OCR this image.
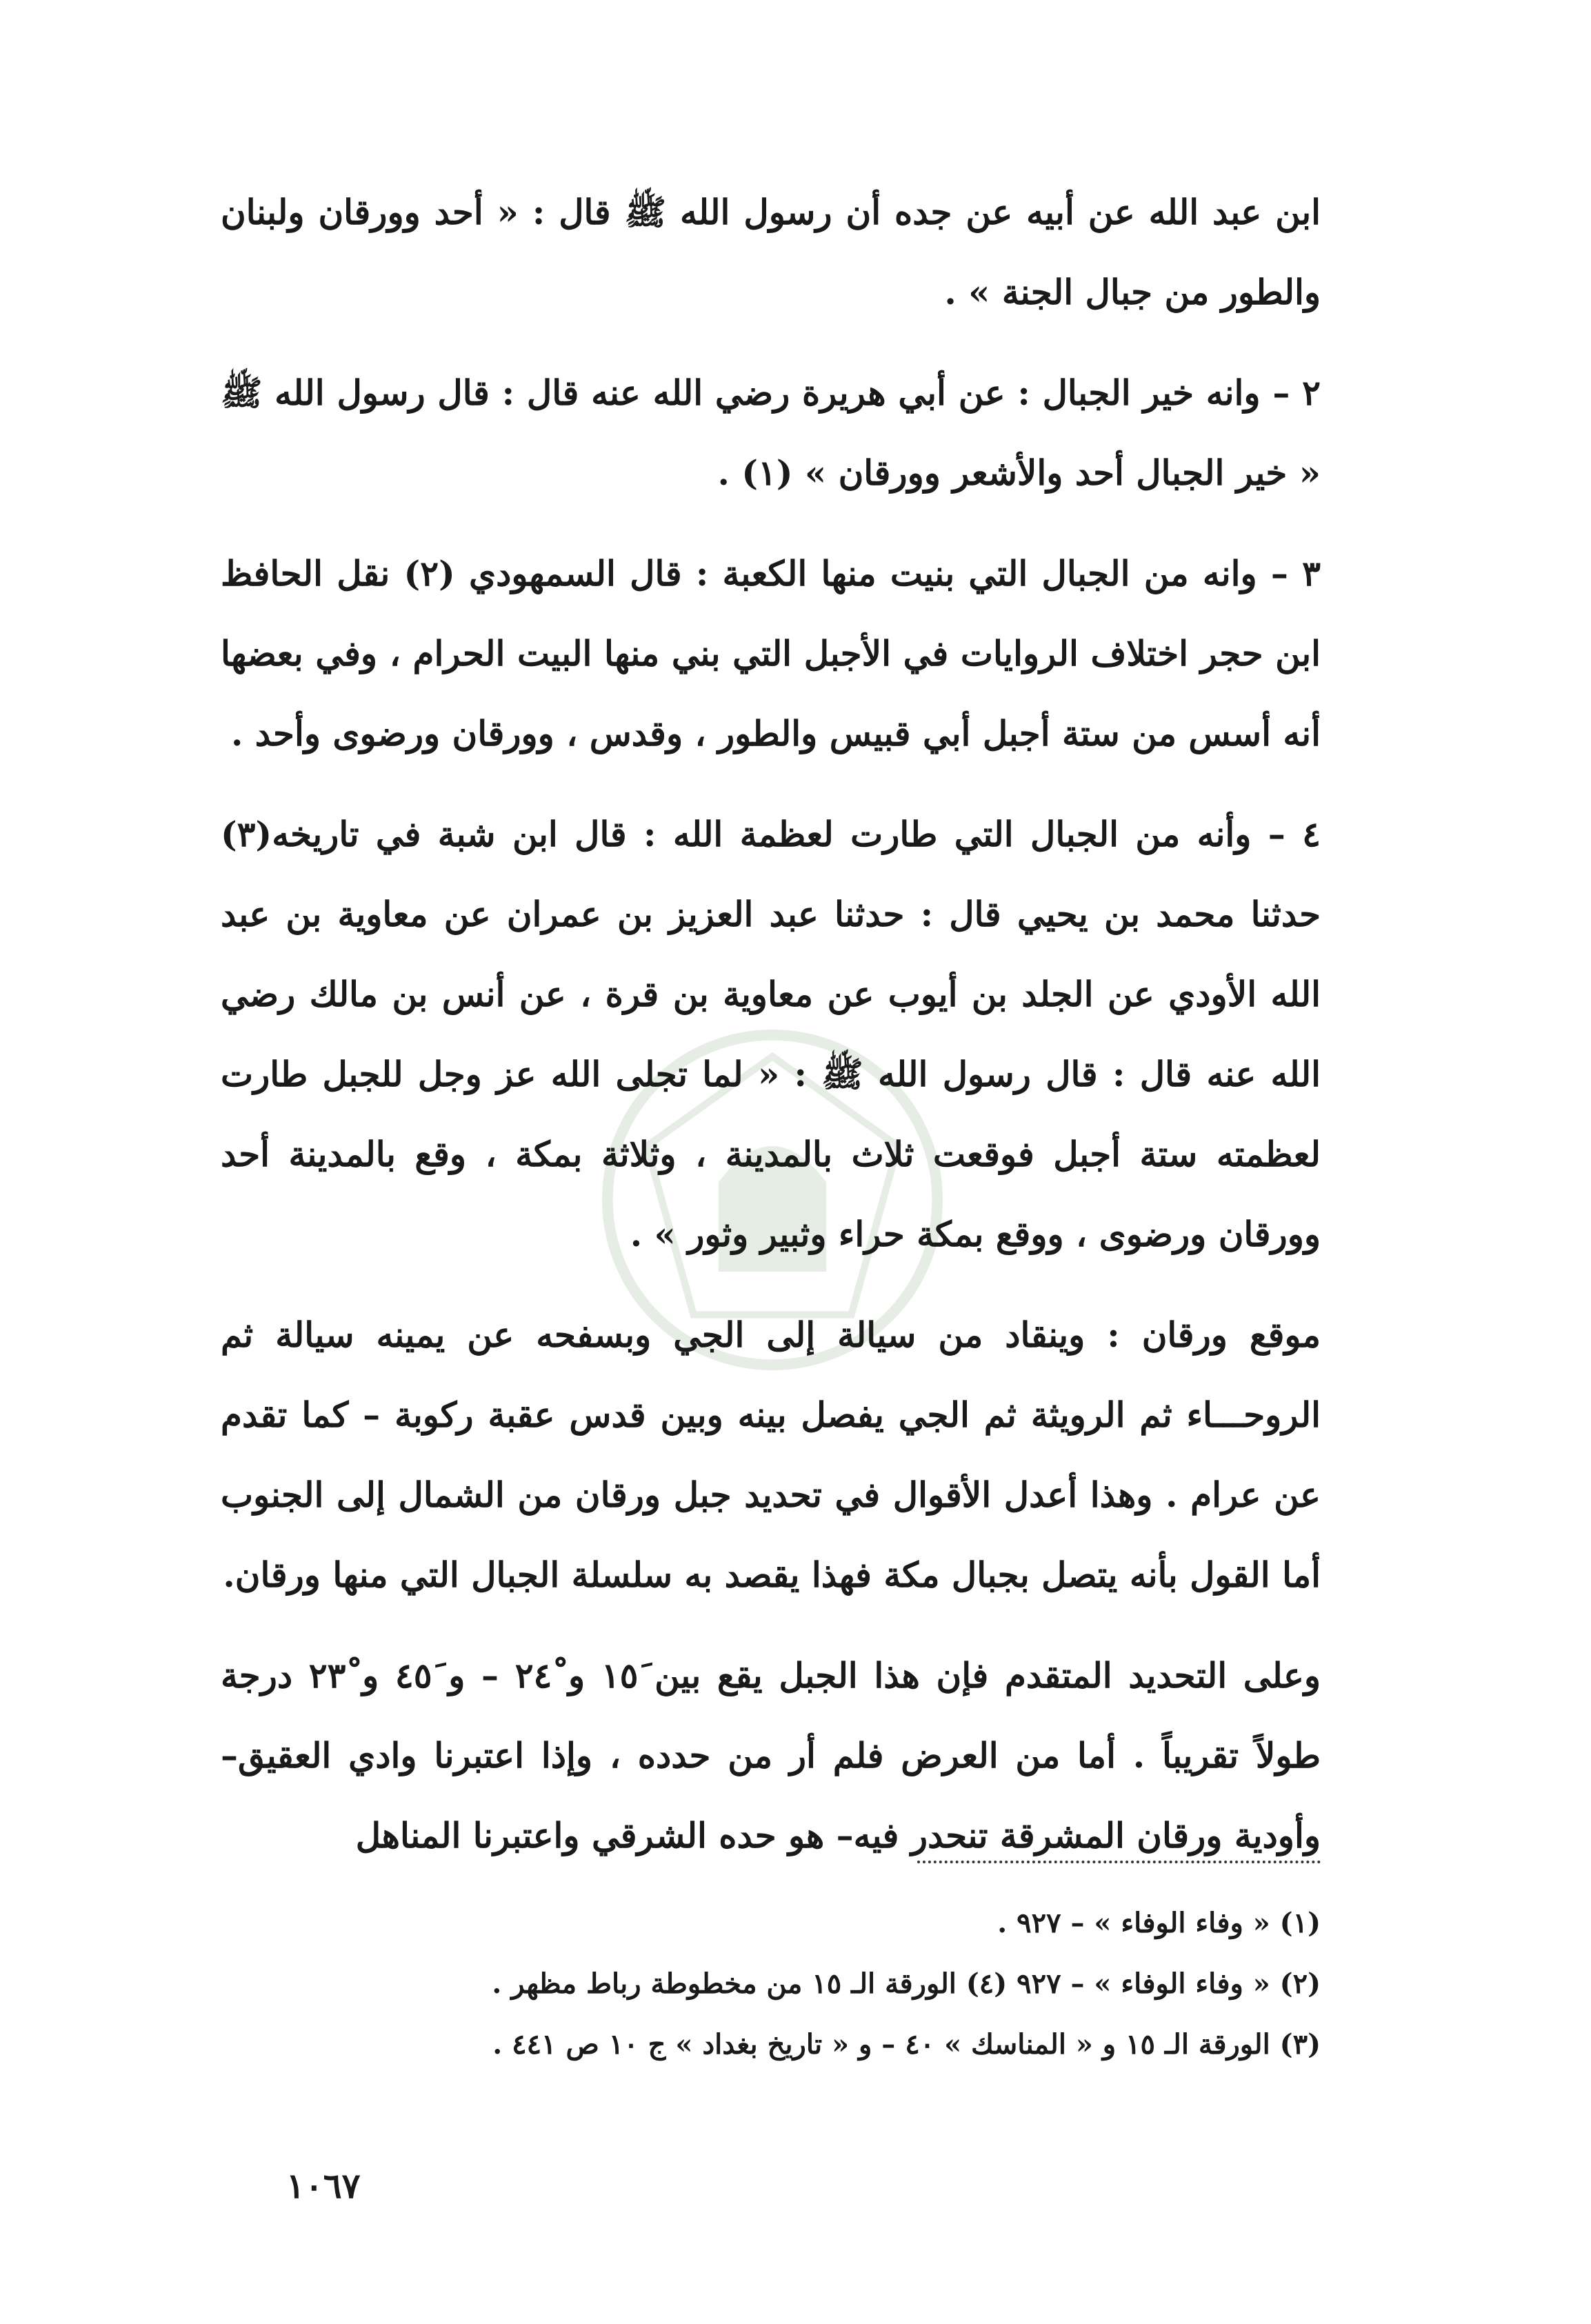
ابن عبد الله عن أبيه عن جده أن رسول الله ﷺ قال : « أحد وورقان ولبنان والطور من جبال الجنة » .

٢ – وانه خير الجبال : عن أبي هريرة رضي الله عنه قال : قال رسول الله ﷺ « خير الجبال أحد والأشعر وورقان » (١) .

٣ – وانه من الجبال التي بنيت منها الكعبة : قال السمهودي (٢) نقل الحافظ ابن حجر اختلاف الروايات في الأجبل التي بني منها البيت الحرام ، وفي بعضها أنه أسس من ستة أجبل أبي قبيس والطور ، وقدس ، وورقان ورضوى وأحد .

٤ – وأنه من الجبال التي طارت لعظمة الله : قال ابن شبة في تاريخه(٣) حدثنا محمد بن يحيي قال : حدثنا عبد العزيز بن عمران عن معاوية بن عبد الله الأودي عن الجلد بن أيوب عن معاوية بن قرة ، عن أنس بن مالك رضي الله عنه قال : قال رسول الله ﷺ : « لما تجلى الله عز وجل للجبل طارت لعظمته ستة أجبل فوقعت ثلاث بالمدينة ، وثلاثة بمكة ، وقع بالمدينة أحد وورقان ورضوى ، ووقع بمكة حراء وثبير وثور » .

موقع ورقان : وينقاد من سيالة إلى الجي وبسفحه عن يمينه سيالة ثم الروحـــاء ثم الرويثة ثم الجي يفصل بينه وبين قدس عقبة ركوبة – كما تقدم عن عرام . وهذا أعدل الأقوال في تحديد جبل ورقان من الشمال إلى الجنوب أما القول بأنه يتصل بجبال مكة فهذا يقصد به سلسلة الجبال التي منها ورقان.

وعلى التحديد المتقدم فإن هذا الجبل يقع بين ١٥َ و ٢٤ْ – و ٤٥َ و ٢٣ْ درجة طولاً تقريباً . أما من العرض فلم أر من حدده ، وإذا اعتبرنا وادي العقيق–وأودية ورقان المشرقة تنحدر فيه– هو حده الشرقي واعتبرنا المناهل

(١) « وفاء الوفاء » – ٩٢٧ .
(٢) « وفاء الوفاء » – ٩٢٧ (٤) الورقة الـ ١٥ من مخطوطة رباط مظهر .
(٣) الورقة الـ ١٥ و « المناسك » ٤٠ – و « تاريخ بغداد » ج ١٠ ص ٤٤١ .
١٠٦٧
